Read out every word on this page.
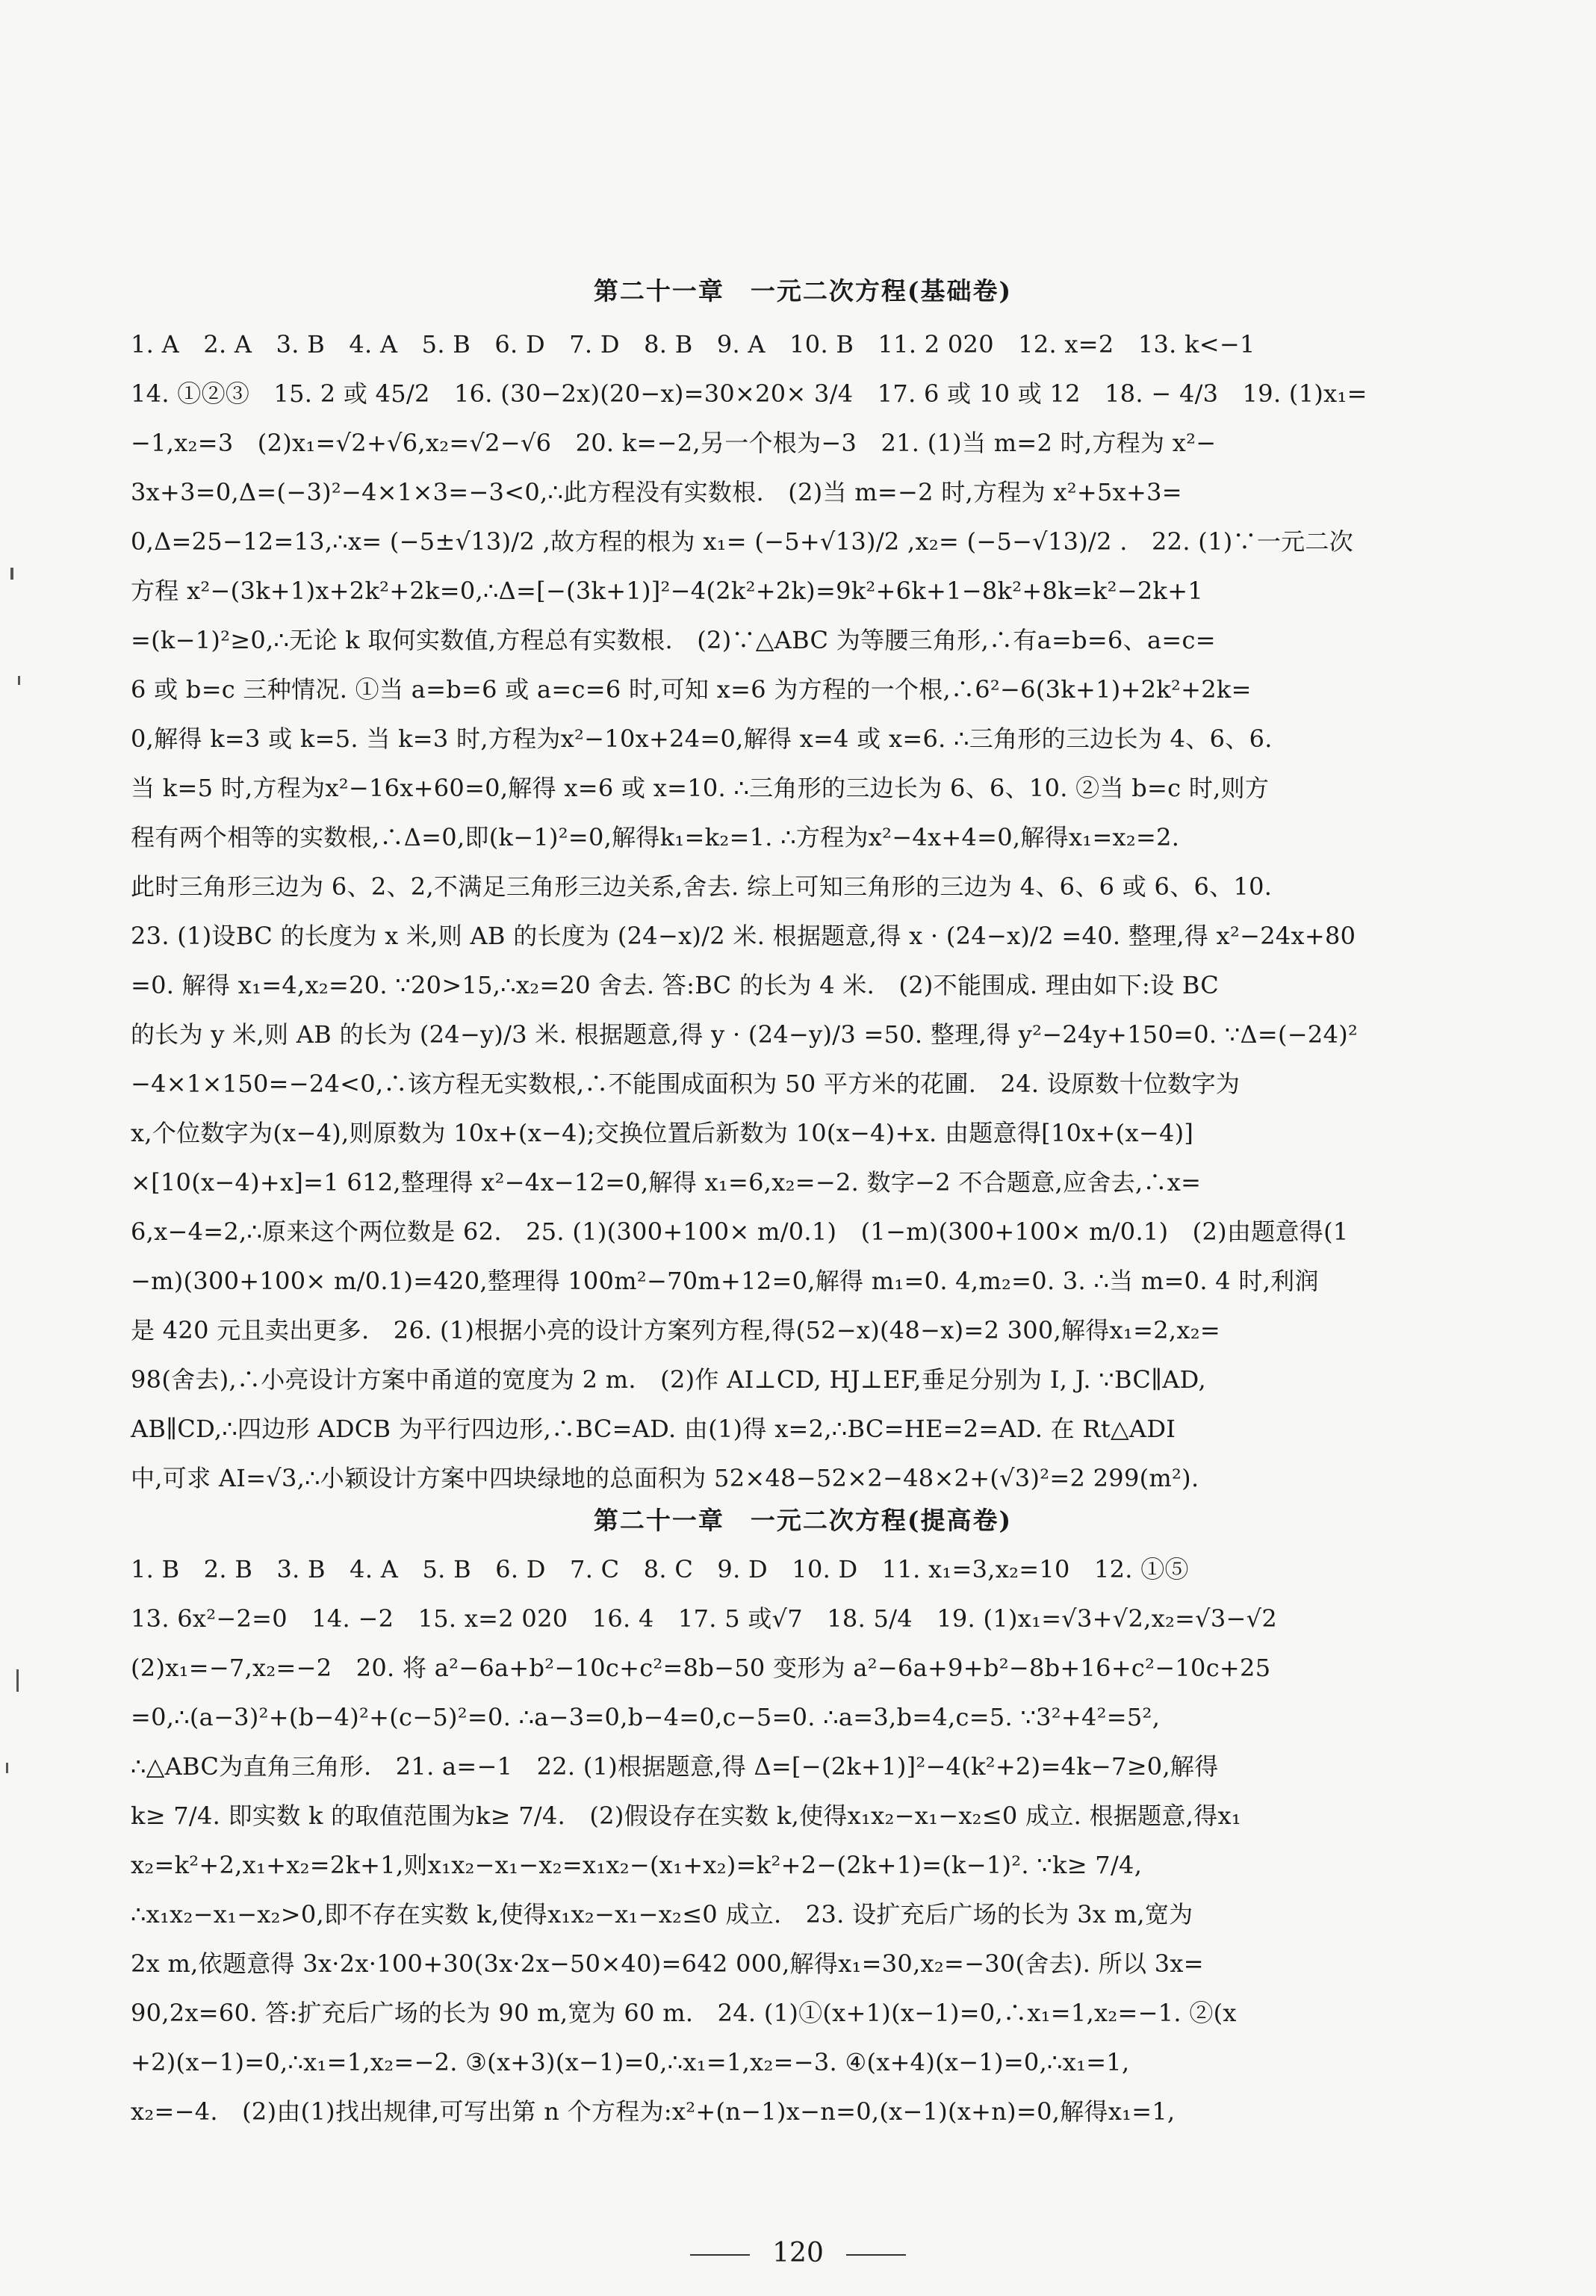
第二十一章　一元二次方程(基础卷)
1. A　2. A　3. B　4. A　5. B　6. D　7. D　8. B　9. A　10. B　11. 2 020　12. x=2　13. k<−1
14. ①②③　15. 2 或 45/2　16. (30−2x)(20−x)=30×20× 3/4　17. 6 或 10 或 12　18. − 4/3　19. (1)x₁=
−1,x₂=3　(2)x₁=√2+√6,x₂=√2−√6　20. k=−2,另一个根为−3　21. (1)当 m=2 时,方程为 x²−
3x+3=0,Δ=(−3)²−4×1×3=−3<0,∴此方程没有实数根.　(2)当 m=−2 时,方程为 x²+5x+3=
0,Δ=25−12=13,∴x= (−5±√13)/2 ,故方程的根为 x₁= (−5+√13)/2 ,x₂= (−5−√13)/2 .　22. (1)∵一元二次
方程 x²−(3k+1)x+2k²+2k=0,∴Δ=[−(3k+1)]²−4(2k²+2k)=9k²+6k+1−8k²+8k=k²−2k+1
=(k−1)²≥0,∴无论 k 取何实数值,方程总有实数根.　(2)∵△ABC 为等腰三角形,∴有a=b=6、a=c=
6 或 b=c 三种情况. ①当 a=b=6 或 a=c=6 时,可知 x=6 为方程的一个根,∴6²−6(3k+1)+2k²+2k=
0,解得 k=3 或 k=5. 当 k=3 时,方程为x²−10x+24=0,解得 x=4 或 x=6. ∴三角形的三边长为 4、6、6.
当 k=5 时,方程为x²−16x+60=0,解得 x=6 或 x=10. ∴三角形的三边长为 6、6、10. ②当 b=c 时,则方
程有两个相等的实数根,∴Δ=0,即(k−1)²=0,解得k₁=k₂=1. ∴方程为x²−4x+4=0,解得x₁=x₂=2.
此时三角形三边为 6、2、2,不满足三角形三边关系,舍去. 综上可知三角形的三边为 4、6、6 或 6、6、10.
23. (1)设BC 的长度为 x 米,则 AB 的长度为 (24−x)/2 米. 根据题意,得 x · (24−x)/2 =40. 整理,得 x²−24x+80
=0. 解得 x₁=4,x₂=20. ∵20>15,∴x₂=20 舍去. 答:BC 的长为 4 米.　(2)不能围成. 理由如下:设 BC
的长为 y 米,则 AB 的长为 (24−y)/3 米. 根据题意,得 y · (24−y)/3 =50. 整理,得 y²−24y+150=0. ∵Δ=(−24)²
−4×1×150=−24<0,∴该方程无实数根,∴不能围成面积为 50 平方米的花圃.　24. 设原数十位数字为
x,个位数字为(x−4),则原数为 10x+(x−4);交换位置后新数为 10(x−4)+x. 由题意得[10x+(x−4)]
×[10(x−4)+x]=1 612,整理得 x²−4x−12=0,解得 x₁=6,x₂=−2. 数字−2 不合题意,应舍去,∴x=
6,x−4=2,∴原来这个两位数是 62.　25. (1)(300+100× m/0.1)　(1−m)(300+100× m/0.1)　(2)由题意得(1
−m)(300+100× m/0.1)=420,整理得 100m²−70m+12=0,解得 m₁=0. 4,m₂=0. 3. ∴当 m=0. 4 时,利润
是 420 元且卖出更多.　26. (1)根据小亮的设计方案列方程,得(52−x)(48−x)=2 300,解得x₁=2,x₂=
98(舍去),∴小亮设计方案中甬道的宽度为 2 m.　(2)作 AI⊥CD, HJ⊥EF,垂足分别为 I, J. ∵BC∥AD,
AB∥CD,∴四边形 ADCB 为平行四边形,∴BC=AD. 由(1)得 x=2,∴BC=HE=2=AD. 在 Rt△ADI
中,可求 AI=√3,∴小颖设计方案中四块绿地的总面积为 52×48−52×2−48×2+(√3)²=2 299(m²).
第二十一章　一元二次方程(提高卷)
1. B　2. B　3. B　4. A　5. B　6. D　7. C　8. C　9. D　10. D　11. x₁=3,x₂=10　12. ①⑤
13. 6x²−2=0　14. −2　15. x=2 020　16. 4　17. 5 或√7　18. 5/4　19. (1)x₁=√3+√2,x₂=√3−√2
(2)x₁=−7,x₂=−2　20. 将 a²−6a+b²−10c+c²=8b−50 变形为 a²−6a+9+b²−8b+16+c²−10c+25
=0,∴(a−3)²+(b−4)²+(c−5)²=0. ∴a−3=0,b−4=0,c−5=0. ∴a=3,b=4,c=5. ∵3²+4²=5²,
∴△ABC为直角三角形.　21. a=−1　22. (1)根据题意,得 Δ=[−(2k+1)]²−4(k²+2)=4k−7≥0,解得
k≥ 7/4. 即实数 k 的取值范围为k≥ 7/4.　(2)假设存在实数 k,使得x₁x₂−x₁−x₂≤0 成立. 根据题意,得x₁
x₂=k²+2,x₁+x₂=2k+1,则x₁x₂−x₁−x₂=x₁x₂−(x₁+x₂)=k²+2−(2k+1)=(k−1)². ∵k≥ 7/4,
∴x₁x₂−x₁−x₂>0,即不存在实数 k,使得x₁x₂−x₁−x₂≤0 成立.　23. 设扩充后广场的长为 3x m,宽为
2x m,依题意得 3x·2x·100+30(3x·2x−50×40)=642 000,解得x₁=30,x₂=−30(舍去). 所以 3x=
90,2x=60. 答:扩充后广场的长为 90 m,宽为 60 m.　24. (1)①(x+1)(x−1)=0,∴x₁=1,x₂=−1. ②(x
+2)(x−1)=0,∴x₁=1,x₂=−2. ③(x+3)(x−1)=0,∴x₁=1,x₂=−3. ④(x+4)(x−1)=0,∴x₁=1,
x₂=−4.　(2)由(1)找出规律,可写出第 n 个方程为:x²+(n−1)x−n=0,(x−1)(x+n)=0,解得x₁=1,
120
